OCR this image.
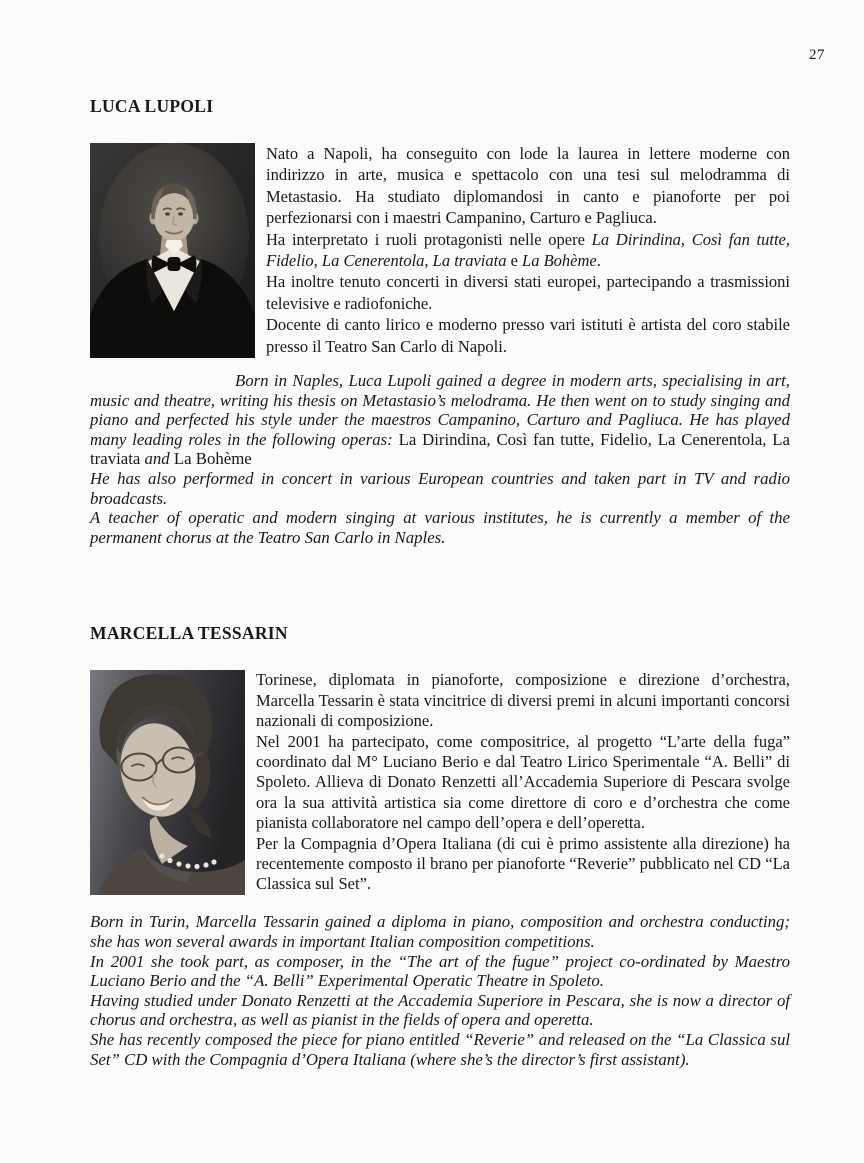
27
LUCA LUPOLI

Nato a Napoli, ha conseguito con lode la laurea in lettere moderne con indirizzo in arte, musica e spettacolo con una tesi sul melodramma di Metastasio. Ha studiato diplomandosi in canto e pianoforte per poi perfezionarsi con i maestri Campanino, Carturo e Pagliuca.

Ha interpretato i ruoli protagonisti nelle opere La Dirindina, Così fan tutte, Fidelio, La Cenerentola, La traviata e La Bohème.

Ha inoltre tenuto concerti in diversi stati europei, partecipando a trasmissioni televisive e radiofoniche.

Docente di canto lirico e moderno presso vari istituti è artista del coro stabile presso il Teatro San Carlo di Napoli.

Born in Naples, Luca Lupoli gained a degree in modern arts, specialising in art, music and theatre, writing his thesis on Metastasio’s melodrama. He then went on to study singing and piano and perfected his style under the maestros Campanino, Carturo and Pagliuca. He has played many leading roles in the following operas: La Dirindina, Così fan tutte, Fidelio, La Cenerentola, La traviata and La Bohème

He has also performed in concert in various European countries and taken part in TV and radio broadcasts.

A teacher of operatic and modern singing at various institutes, he is currently a member of the permanent chorus at the Teatro San Carlo in Naples.

MARCELLA TESSARIN

Torinese, diplomata in pianoforte, composizione e direzione d’orchestra, Marcella Tessarin è stata vincitrice di diversi premi in alcuni importanti concorsi nazionali di composizione.

Nel 2001 ha partecipato, come compositrice, al progetto “L’arte della fuga” coordinato dal M° Luciano Berio e dal Teatro Lirico Sperimentale “A. Belli” di Spoleto. Allieva di Donato Renzetti all’Accademia Superiore di Pescara svolge ora la sua attività artistica sia come direttore di coro e d’orchestra che come pianista collaboratore nel campo dell’opera e dell’operetta.

Per la Compagnia d’Opera Italiana (di cui è primo assistente alla direzione) ha recentemente composto il brano per pianoforte “Reverie” pubblicato nel CD “La Classica sul Set”.

Born in Turin, Marcella Tessarin gained a diploma in piano, composition and orchestra conducting; she has won several awards in important Italian composition competitions.

In 2001 she took part, as composer, in the “The art of the fugue” project co-ordinated by Maestro Luciano Berio and the “A. Belli” Experimental Operatic Theatre in Spoleto.

Having studied under Donato Renzetti at the Accademia Superiore in Pescara, she is now a director of chorus and orchestra, as well as pianist in the fields of opera and operetta.

She has recently composed the piece for piano entitled “Reverie” and released on the “La Classica sul Set” CD with the Compagnia d’Opera Italiana (where she’s the director’s first assistant).
